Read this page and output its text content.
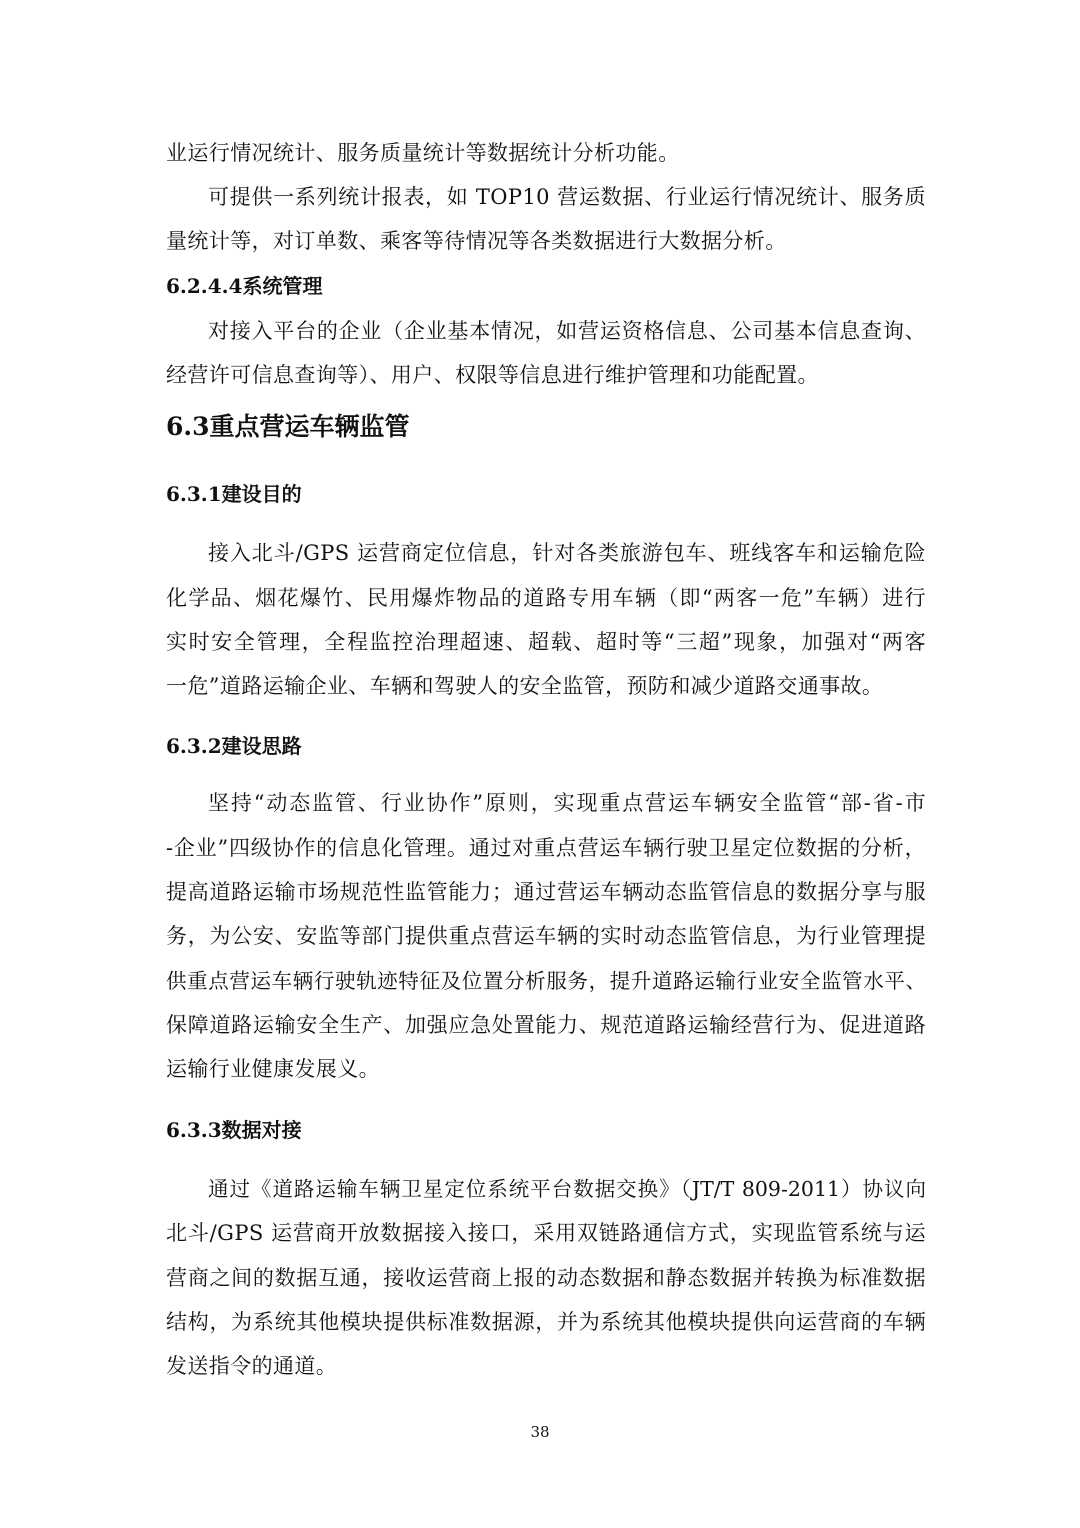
业运行情况统计、服务质量统计等数据统计分析功能。
可提供一系列统计报表，如 TOP10 营运数据、行业运行情况统计、服务质
量统计等，对订单数、乘客等待情况等各类数据进行大数据分析。
6.2.4.4系统管理
对接入平台的企业（企业基本情况，如营运资格信息、公司基本信息查询、
经营许可信息查询等）、用户、权限等信息进行维护管理和功能配置。
6.3重点营运车辆监管
6.3.1建设目的
接入北斗/GPS 运营商定位信息，针对各类旅游包车、班线客车和运输危险
化学品、烟花爆竹、民用爆炸物品的道路专用车辆（即“两客一危”车辆）进行
实时安全管理，全程监控治理超速、超载、超时等“三超”现象，加强对“两客
一危”道路运输企业、车辆和驾驶人的安全监管，预防和减少道路交通事故。
6.3.2建设思路
坚持“动态监管、行业协作”原则，实现重点营运车辆安全监管“部-省-市
-企业”四级协作的信息化管理。通过对重点营运车辆行驶卫星定位数据的分析，
提高道路运输市场规范性监管能力；通过营运车辆动态监管信息的数据分享与服
务，为公安、安监等部门提供重点营运车辆的实时动态监管信息，为行业管理提
供重点营运车辆行驶轨迹特征及位置分析服务，提升道路运输行业安全监管水平、
保障道路运输安全生产、加强应急处置能力、规范道路运输经营行为、促进道路
运输行业健康发展义。
6.3.3数据对接
通过《道路运输车辆卫星定位系统平台数据交换》（JT/T 809-2011）协议向
北斗/GPS 运营商开放数据接入接口，采用双链路通信方式，实现监管系统与运
营商之间的数据互通，接收运营商上报的动态数据和静态数据并转换为标准数据
结构，为系统其他模块提供标准数据源，并为系统其他模块提供向运营商的车辆
发送指令的通道。
38
